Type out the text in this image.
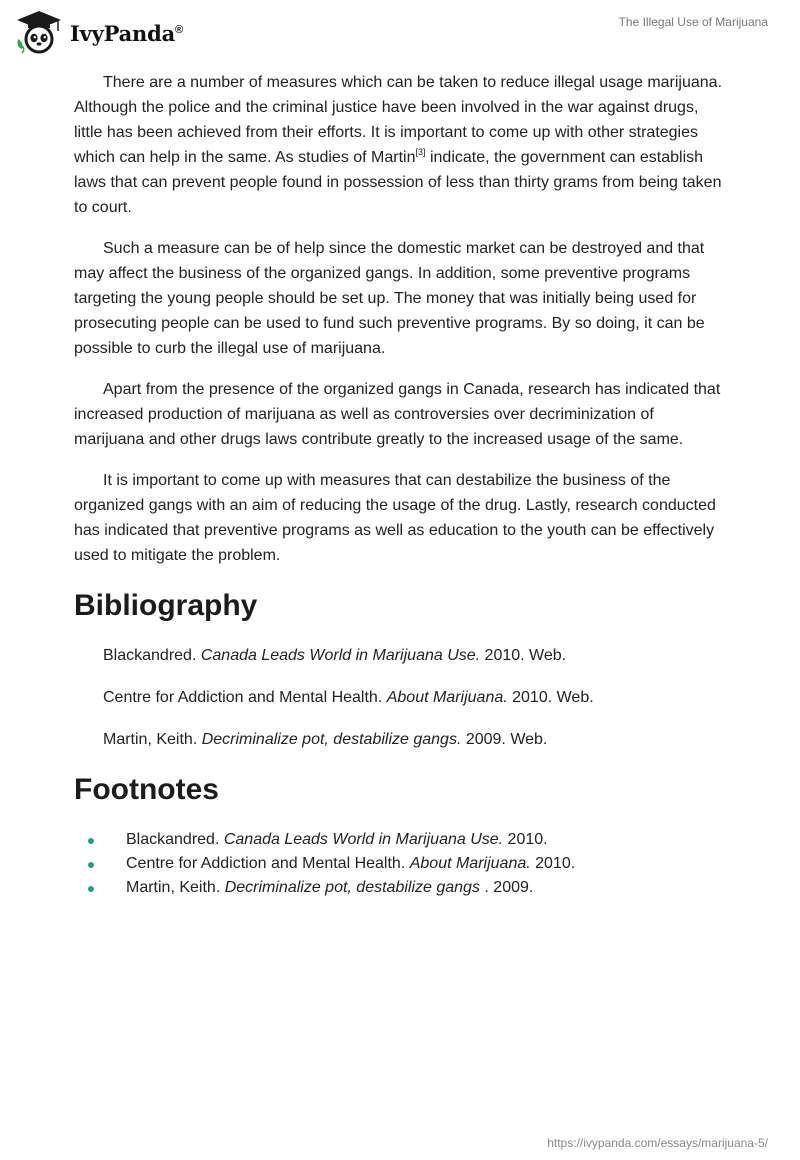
IvyPanda®
The Illegal Use of Marijuana

There are a number of measures which can be taken to reduce illegal usage marijuana. Although the police and the criminal justice have been involved in the war against drugs, little has been achieved from their efforts. It is important to come up with other strategies which can help in the same. As studies of Martin[3] indicate, the government can establish laws that can prevent people found in possession of less than thirty grams from being taken to court.

Such a measure can be of help since the domestic market can be destroyed and that may affect the business of the organized gangs. In addition, some preventive programs targeting the young people should be set up. The money that was initially being used for prosecuting people can be used to fund such preventive programs. By so doing, it can be possible to curb the illegal use of marijuana.

Apart from the presence of the organized gangs in Canada, research has indicated that increased production of marijuana as well as controversies over decriminization of marijuana and other drugs laws contribute greatly to the increased usage of the same.

It is important to come up with measures that can destabilize the business of the organized gangs with an aim of reducing the usage of the drug. Lastly, research conducted has indicated that preventive programs as well as education to the youth can be effectively used to mitigate the problem.

Bibliography
Blackandred. Canada Leads World in Marijuana Use. 2010. Web.
Centre for Addiction and Mental Health. About Marijuana. 2010. Web.
Martin, Keith. Decriminalize pot, destabilize gangs. 2009. Web.
Footnotes
Blackandred. Canada Leads World in Marijuana Use. 2010.
Centre for Addiction and Mental Health. About Marijuana. 2010.
Martin, Keith. Decriminalize pot, destabilize gangs . 2009.
https://ivypanda.com/essays/marijuana-5/
